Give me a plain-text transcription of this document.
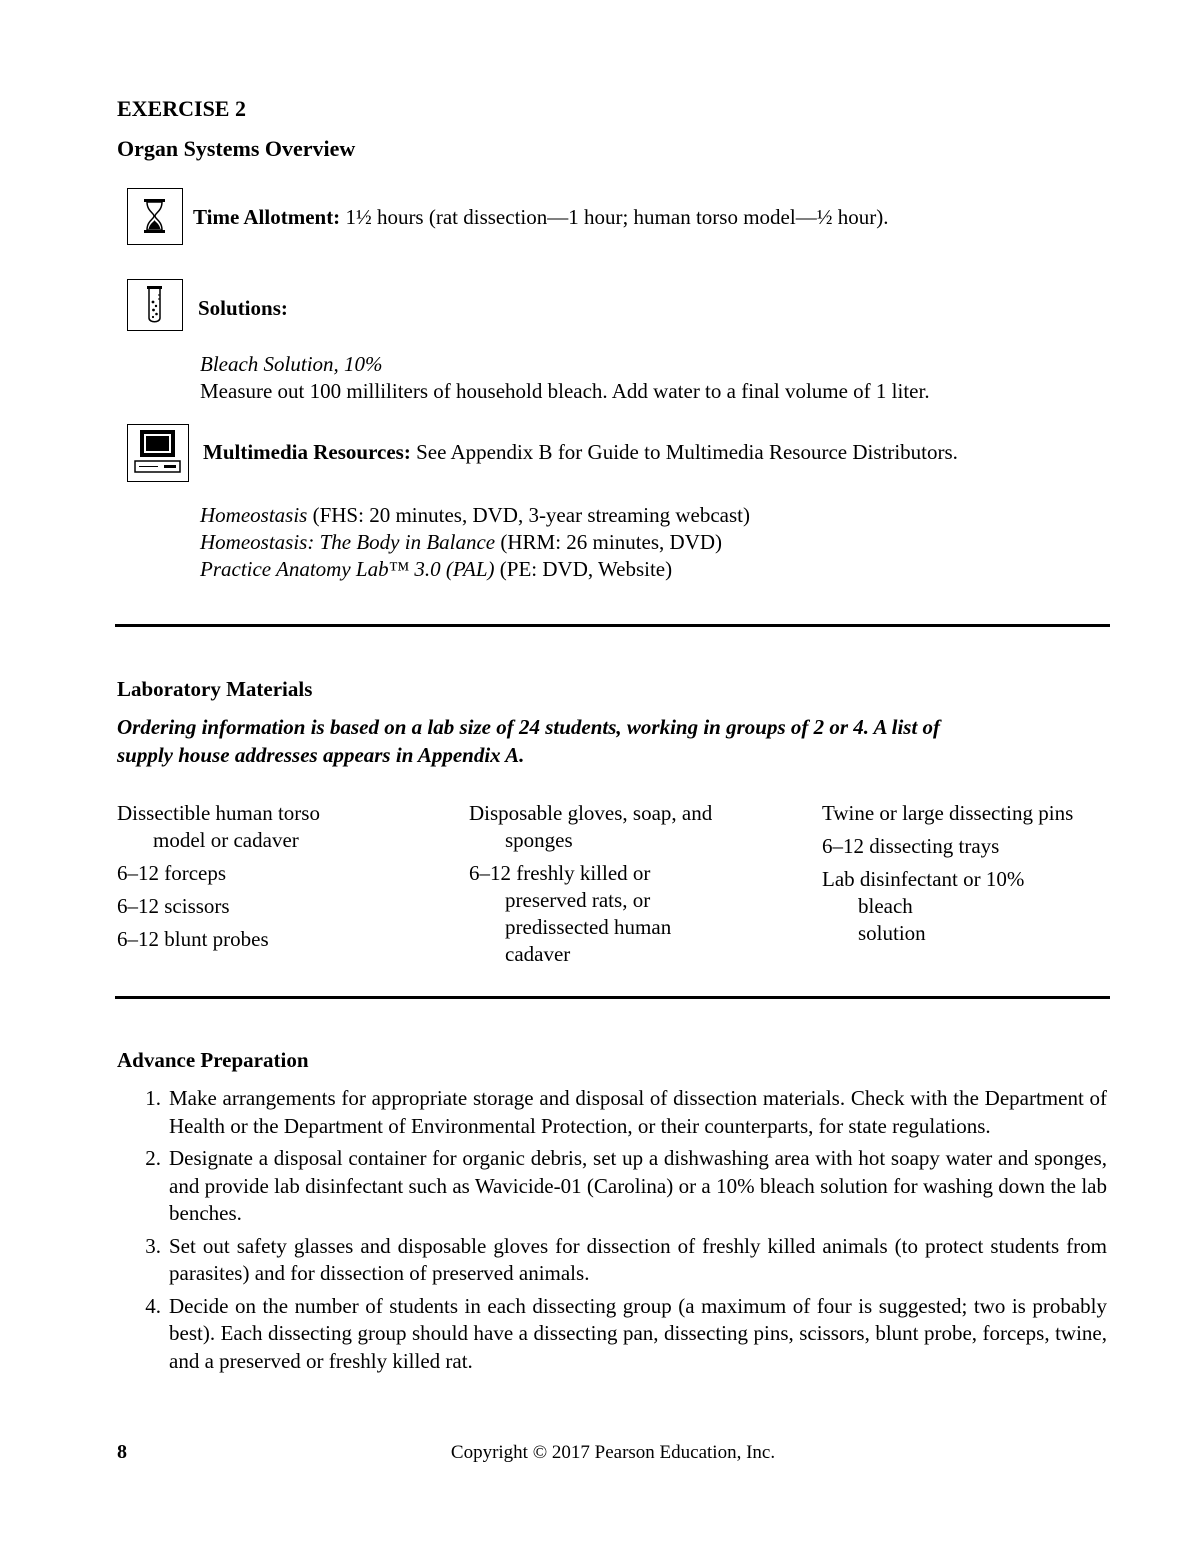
EXERCISE 2
Organ Systems Overview
Time Allotment: 1½ hours (rat dissection—1 hour; human torso model—½ hour).
Solutions:
Bleach Solution, 10%
Measure out 100 milliliters of household bleach. Add water to a final volume of 1 liter.
Multimedia Resources: See Appendix B for Guide to Multimedia Resource Distributors.
Homeostasis (FHS: 20 minutes, DVD, 3-year streaming webcast)
Homeostasis: The Body in Balance (HRM: 26 minutes, DVD)
Practice Anatomy Lab™ 3.0 (PAL) (PE: DVD, Website)
Laboratory Materials
Ordering information is based on a lab size of 24 students, working in groups of 2 or 4. A list of supply house addresses appears in Appendix A.
Dissectible human torso
model or cadaver
6–12 forceps
6–12 scissors
6–12 blunt probes
Disposable gloves, soap, and
sponges
6–12 freshly killed or
preserved rats, or
predissected human
cadaver
Twine or large dissecting pins
6–12 dissecting trays
Lab disinfectant or 10%
bleach
solution
Advance Preparation
1. Make arrangements for appropriate storage and disposal of dissection materials. Check with the Department of Health or the Department of Environmental Protection, or their counterparts, for state regulations.
2. Designate a disposal container for organic debris, set up a dishwashing area with hot soapy water and sponges, and provide lab disinfectant such as Wavicide-01 (Carolina) or a 10% bleach solution for washing down the lab benches.
3. Set out safety glasses and disposable gloves for dissection of freshly killed animals (to protect students from parasites) and for dissection of preserved animals.
4. Decide on the number of students in each dissecting group (a maximum of four is suggested; two is probably best). Each dissecting group should have a dissecting pan, dissecting pins, scissors, blunt probe, forceps, twine, and a preserved or freshly killed rat.
8	Copyright © 2017 Pearson Education, Inc.
